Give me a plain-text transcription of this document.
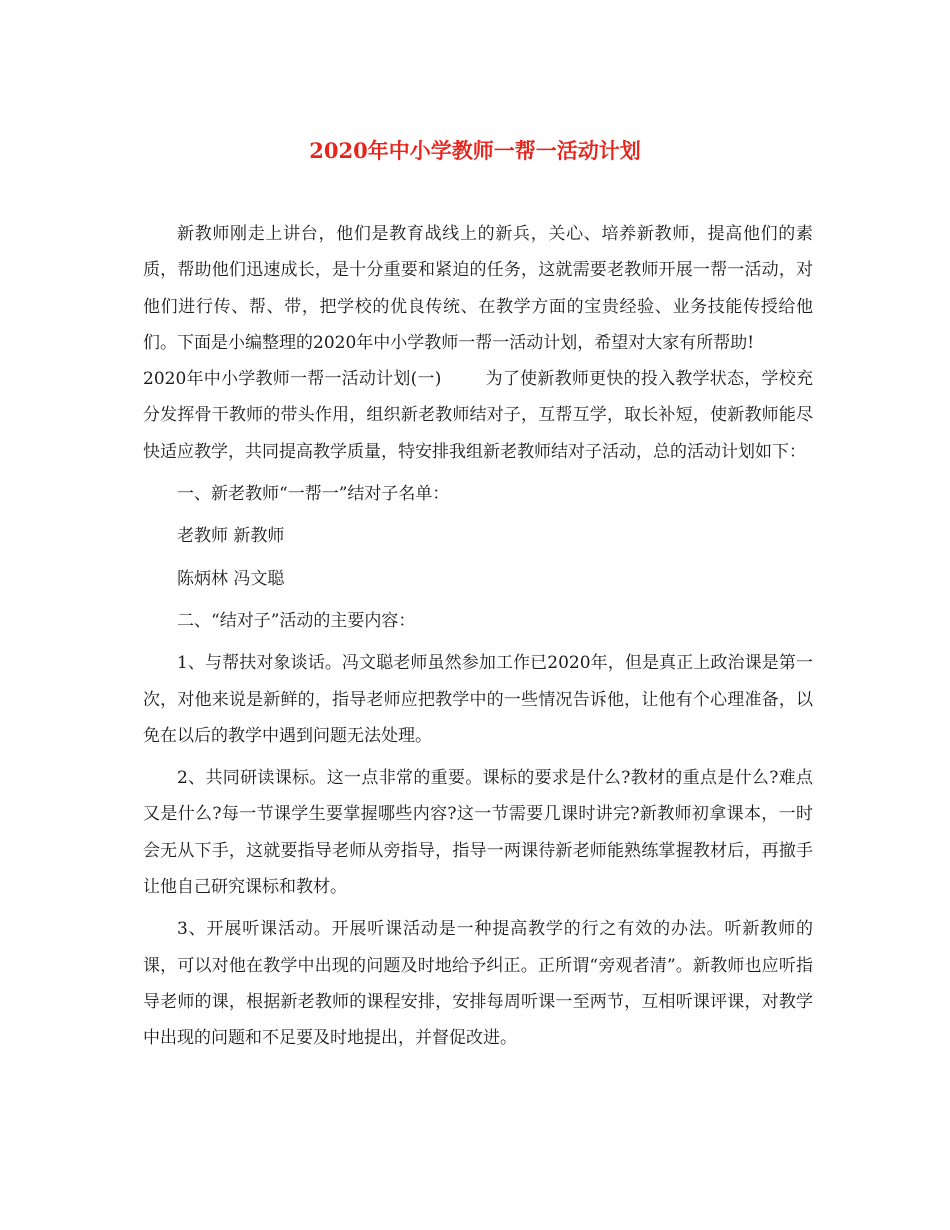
2020年中小学教师一帮一活动计划

新教师刚走上讲台，他们是教育战线上的新兵，关心、培养新教师，提高他们的素质，帮助他们迅速成长，是十分重要和紧迫的任务，这就需要老教师开展一帮一活动，对他们进行传、帮、带，把学校的优良传统、在教学方面的宝贵经验、业务技能传授给他们。下面是小编整理的2020年中小学教师一帮一活动计划，希望对大家有所帮助!

2020年中小学教师一帮一活动计划(一)	为了使新教师更快的投入教学状态，学校充分发挥骨干教师的带头作用，组织新老教师结对子，互帮互学，取长补短，使新教师能尽快适应教学，共同提高教学质量，特安排我组新老教师结对子活动，总的活动计划如下：

一、新老教师“一帮一”结对子名单：

老教师 新教师

陈炳林 冯文聪

二、“结对子”活动的主要内容：

1、与帮扶对象谈话。冯文聪老师虽然参加工作已2020年，但是真正上政治课是第一次，对他来说是新鲜的，指导老师应把教学中的一些情况告诉他，让他有个心理准备，以免在以后的教学中遇到问题无法处理。

2、共同研读课标。这一点非常的重要。课标的要求是什么?教材的重点是什么?难点又是什么?每一节课学生要掌握哪些内容?这一节需要几课时讲完?新教师初拿课本，一时会无从下手，这就要指导老师从旁指导，指导一两课待新老师能熟练掌握教材后，再撤手让他自己研究课标和教材。

3、开展听课活动。开展听课活动是一种提高教学的行之有效的办法。听新教师的课，可以对他在教学中出现的问题及时地给予纠正。正所谓“旁观者清”。新教师也应听指导老师的课，根据新老教师的课程安排，安排每周听课一至两节，互相听课评课，对教学中出现的问题和不足要及时地提出，并督促改进。
